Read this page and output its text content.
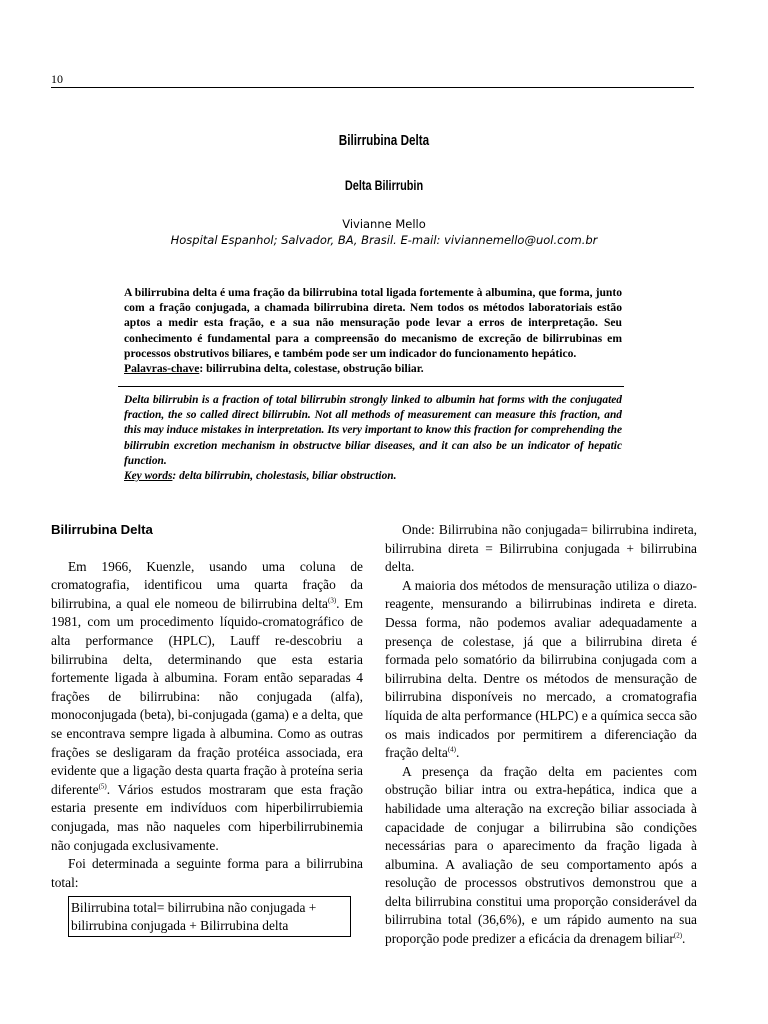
10
Bilirrubina Delta
Delta Bilirrubin
Vivianne Mello
Hospital Espanhol; Salvador, BA, Brasil. E-mail: viviannemello@uol.com.br

A bilirrubina delta é uma fração da bilirrubina total ligada fortemente à albumina, que forma, junto com a fração conjugada, a chamada bilirrubina direta. Nem todos os métodos laboratoriais estão aptos a medir esta fração, e a sua não mensuração pode levar a erros de interpretação. Seu conhecimento é fundamental para a compreensão do mecanismo de excreção de bilirrubinas em processos obstrutivos biliares, e também pode ser um indicador do funcionamento hepático.

Palavras-chave: bilirrubina delta, colestase, obstrução biliar.

Delta bilirrubin is a fraction of total bilirrubin strongly linked to albumin hat forms with the conjugated fraction, the so called direct bilirrubin. Not all methods of measurement can measure this fraction, and this may induce mistakes in interpretation. Its very important to know this fraction for comprehending the bilirrubin excretion mechanism in obstructve biliar diseases, and it can also be un indicator of hepatic function.

Key words: delta bilirrubin, cholestasis, biliar obstruction.

Bilirrubina Delta

Em 1966, Kuenzle, usando uma coluna de cromatografia, identificou uma quarta fração da bilirrubina, a qual ele nomeou de bilirrubina delta$^{(3)}$. Em 1981, com um procedimento líquido-cromatográfico de alta performance (HPLC), Lauff re-descobriu a bilirrubina delta, determinando que esta estaria fortemente ligada à albumina. Foram então separadas 4 frações de bilirrubina: não conjugada (alfa), monoconjugada (beta), bi-conjugada (gama) e a delta, que se encontrava sempre ligada à albumina. Como as outras frações se desligaram da fração protéica associada, era evidente que a ligação desta quarta fração à proteína seria diferente$^{(5)}$. Vários estudos mostraram que esta fração estaria presente em indivíduos com hiperbilirrubiemia conjugada, mas não naqueles com hiperbilirrubinemia não conjugada exclusivamente.

Foi determinada a seguinte forma para a bilirrubina total:

Bilirrubina total= bilirrubina não conjugada +
bilirrubina conjugada + Bilirrubina delta

Onde: Bilirrubina não conjugada= bilirrubina indireta, bilirrubina direta = Bilirrubina conjugada + bilirrubina delta.

A maioria dos métodos de mensuração utiliza o diazo-reagente, mensurando a bilirrubinas indireta e direta. Dessa forma, não podemos avaliar adequadamente a presença de colestase, já que a bilirrubina direta é formada pelo somatório da bilirrubina conjugada com a bilirrubina delta. Dentre os métodos de mensuração de bilirrubina disponíveis no mercado, a cromatografia líquida de alta performance (HLPC) e a química secca são os mais indicados por permitirem a diferenciação da fração delta$^{(4)}$.

A presença da fração delta em pacientes com obstrução biliar intra ou extra-hepática, indica que a habilidade uma alteração na excreção biliar associada à capacidade de conjugar a bilirrubina são condições necessárias para o aparecimento da fração ligada à albumina. A avaliação de seu comportamento após a resolução de processos obstrutivos demonstrou que a delta bilirrubina constitui uma proporção considerável da bilirrubina total (36,6%), e um rápido aumento na sua proporção pode predizer a eficácia da drenagem biliar$^{(2)}$.
